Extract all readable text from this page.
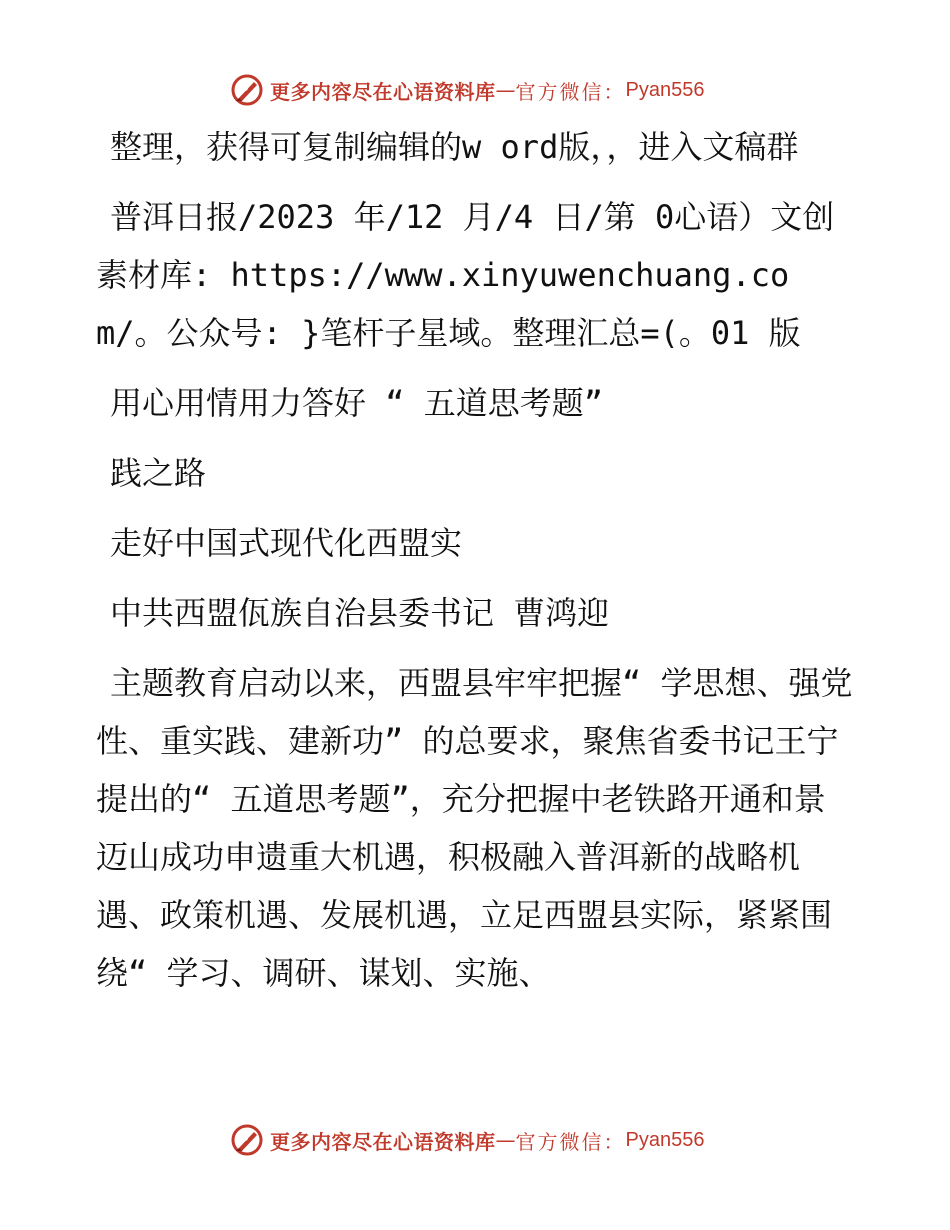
更多内容尽在心语资料库 — 官方微信： Pyan556

整理，获得可复制编辑的w ord版，，进入文稿群

普洱日报/2023 年/12 月/4 日/第 0心语）文创素材库: https://www.xinyuwenchuang.com/。公众号: }笔杆子星域。整理汇总=(。01 版

用心用情用力答好 “ 五道思考题”

践之路

走好中国式现代化西盟实

中共西盟佤族自治县委书记 曹鸿迎

主题教育启动以来，西盟县牢牢把握“ 学思想、强党性、重实践、建新功” 的总要求，聚焦省委书记王宁提出的“ 五道思考题”，充分把握中老铁路开通和景迈山成功申遗重大机遇，积极融入普洱新的战略机遇、政策机遇、发展机遇，立足西盟县实际，紧紧围绕“ 学习、调研、谋划、实施、

更多内容尽在心语资料库 — 官方微信： Pyan556
